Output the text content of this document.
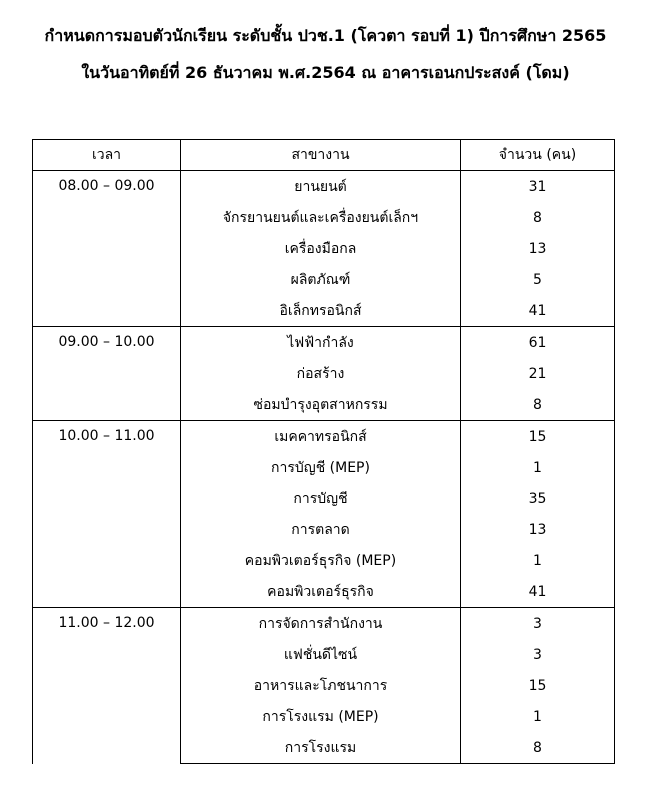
กำหนดการมอบตัวนักเรียน ระดับชั้น ปวช.1 (โควตา รอบที่ 1) ปีการศึกษา 2565
ในวันอาทิตย์ที่ 26 ธันวาคม พ.ศ.2564 ณ อาคารเอนกประสงค์ (โดม)
เวลา	สาขางาน	จำนวน (คน)
08.00 – 09.00	ยานยนต์	31
	จักรยานยนต์และเครื่องยนต์เล็กฯ	8
	เครื่องมือกล	13
	ผลิตภัณฑ์	5
	อิเล็กทรอนิกส์	41
09.00 – 10.00	ไฟฟ้ากำลัง	61
	ก่อสร้าง	21
	ซ่อมบำรุงอุตสาหกรรม	8
10.00 – 11.00	เมคคาทรอนิกส์	15
	การบัญชี (MEP)	1
	การบัญชี	35
	การตลาด	13
	คอมพิวเตอร์ธุรกิจ (MEP)	1
	คอมพิวเตอร์ธุรกิจ	41
11.00 – 12.00	การจัดการสำนักงาน	3
	แฟชั่นดีไซน์	3
	อาหารและโภชนาการ	15
	การโรงแรม (MEP)	1
	การโรงแรม	8
